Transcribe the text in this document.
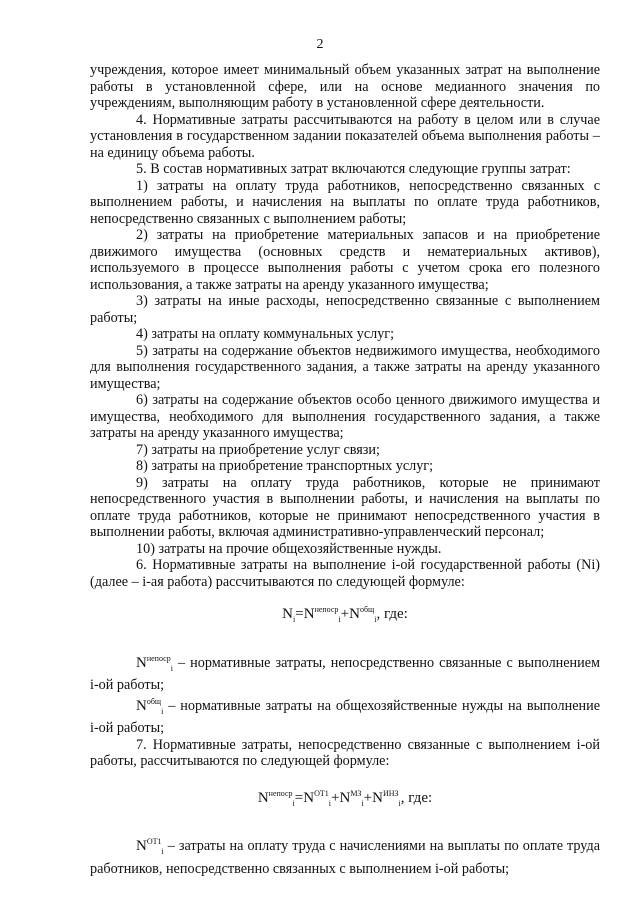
2

учреждения, которое имеет минимальный объем указанных затрат на выполнение работы в установленной сфере, или на основе медианного значения по учреждениям, выполняющим работу в установленной сфере деятельности.

4. Нормативные затраты рассчитываются на работу в целом или в случае установления в государственном задании показателей объема выполнения работы – на единицу объема работы.

5. В состав нормативных затрат включаются следующие группы затрат:

1) затраты на оплату труда работников, непосредственно связанных с выполнением работы, и начисления на выплаты по оплате труда работников, непосредственно связанных с выполнением работы;

2) затраты на приобретение материальных запасов и на приобретение движимого имущества (основных средств и нематериальных активов), используемого в процессе выполнения работы с учетом срока его полезного использования, а также затраты на аренду указанного имущества;

3) затраты на иные расходы, непосредственно связанные с выполнением работы;

4) затраты на оплату коммунальных услуг;

5) затраты на содержание объектов недвижимого имущества, необходимого для выполнения государственного задания, а также затраты на аренду указанного имущества;

6) затраты на содержание объектов особо ценного движимого имущества и имущества, необходимого для выполнения государственного задания, а также затраты на аренду указанного имущества;

7) затраты на приобретение услуг связи;

8) затраты на приобретение транспортных услуг;

9) затраты на оплату труда работников, которые не принимают непосредственного участия в выполнении работы, и начисления на выплаты по оплате труда работников, которые не принимают непосредственного участия в выполнении работы, включая административно-управленческий персонал;

10) затраты на прочие общехозяйственные нужды.

6. Нормативные затраты на выполнение i-ой государственной работы (Ni) (далее – i-ая работа) рассчитываются по следующей формуле:

$N_i=N^{непоср}_i+N^{общ}_i$, где:

$N^{непоср}_i$ – нормативные затраты, непосредственно связанные с выполнением i-ой работы;

$N^{общ}_i$ – нормативные затраты на общехозяйственные нужды на выполнение i-ой работы;

7. Нормативные затраты, непосредственно связанные с выполнением i-ой работы, рассчитываются по следующей формуле:

$N^{непоср}_i=N^{ОТ1}_i+N^{МЗ}_i+N^{ИНЗ}_i$, где:

$N^{ОТ1}_i$ – затраты на оплату труда с начислениями на выплаты по оплате труда работников, непосредственно связанных с выполнением i-ой работы;
